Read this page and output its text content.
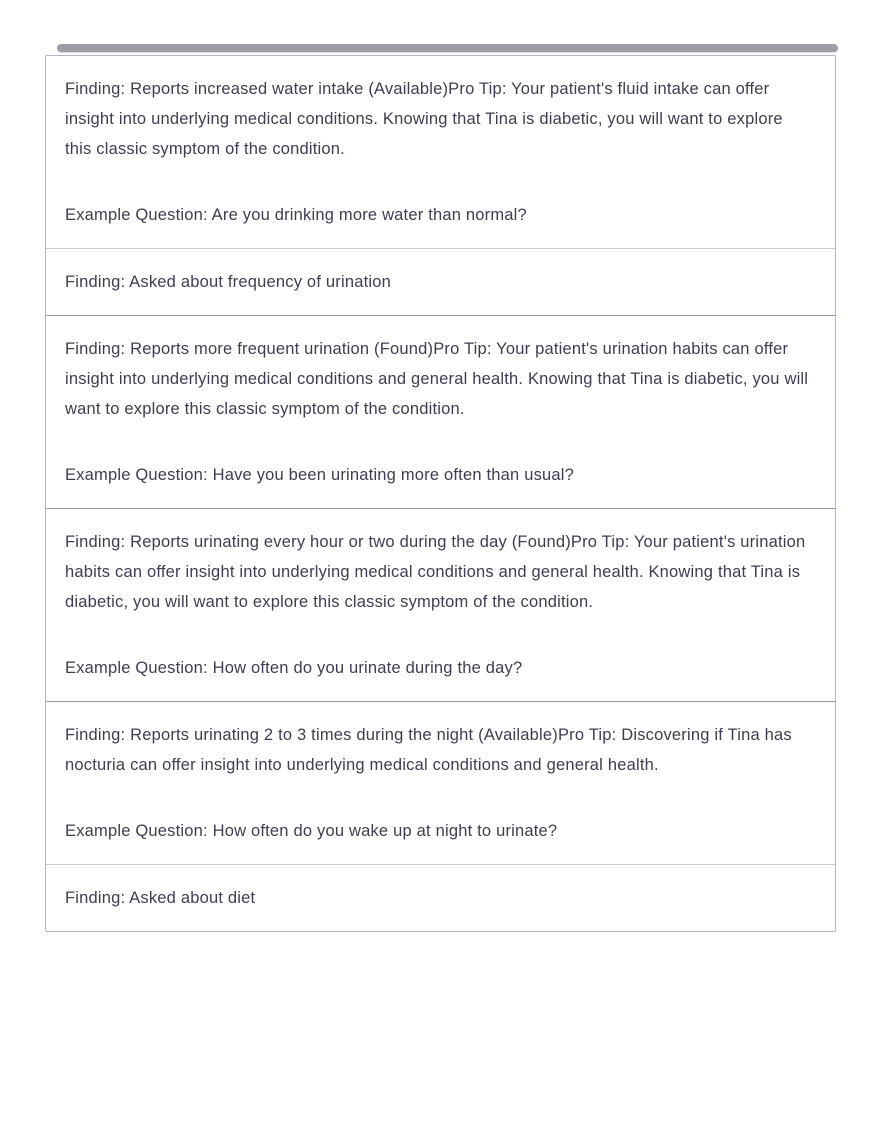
Finding: Reports increased water intake (Available)Pro Tip: Your patient's fluid intake can offer insight into underlying medical conditions. Knowing that Tina is diabetic, you will want to explore this classic symptom of the condition.

Example Question: Are you drinking more water than normal?

Finding: Asked about frequency of urination

Finding: Reports more frequent urination (Found)Pro Tip: Your patient's urination habits can offer insight into underlying medical conditions and general health. Knowing that Tina is diabetic, you will want to explore this classic symptom of the condition.

Example Question: Have you been urinating more often than usual?

Finding: Reports urinating every hour or two during the day (Found)Pro Tip: Your patient's urination habits can offer insight into underlying medical conditions and general health. Knowing that Tina is diabetic, you will want to explore this classic symptom of the condition.

Example Question: How often do you urinate during the day?

Finding: Reports urinating 2 to 3 times during the night (Available)Pro Tip: Discovering if Tina has nocturia can offer insight into underlying medical conditions and general health.

Example Question: How often do you wake up at night to urinate?

Finding: Asked about diet
